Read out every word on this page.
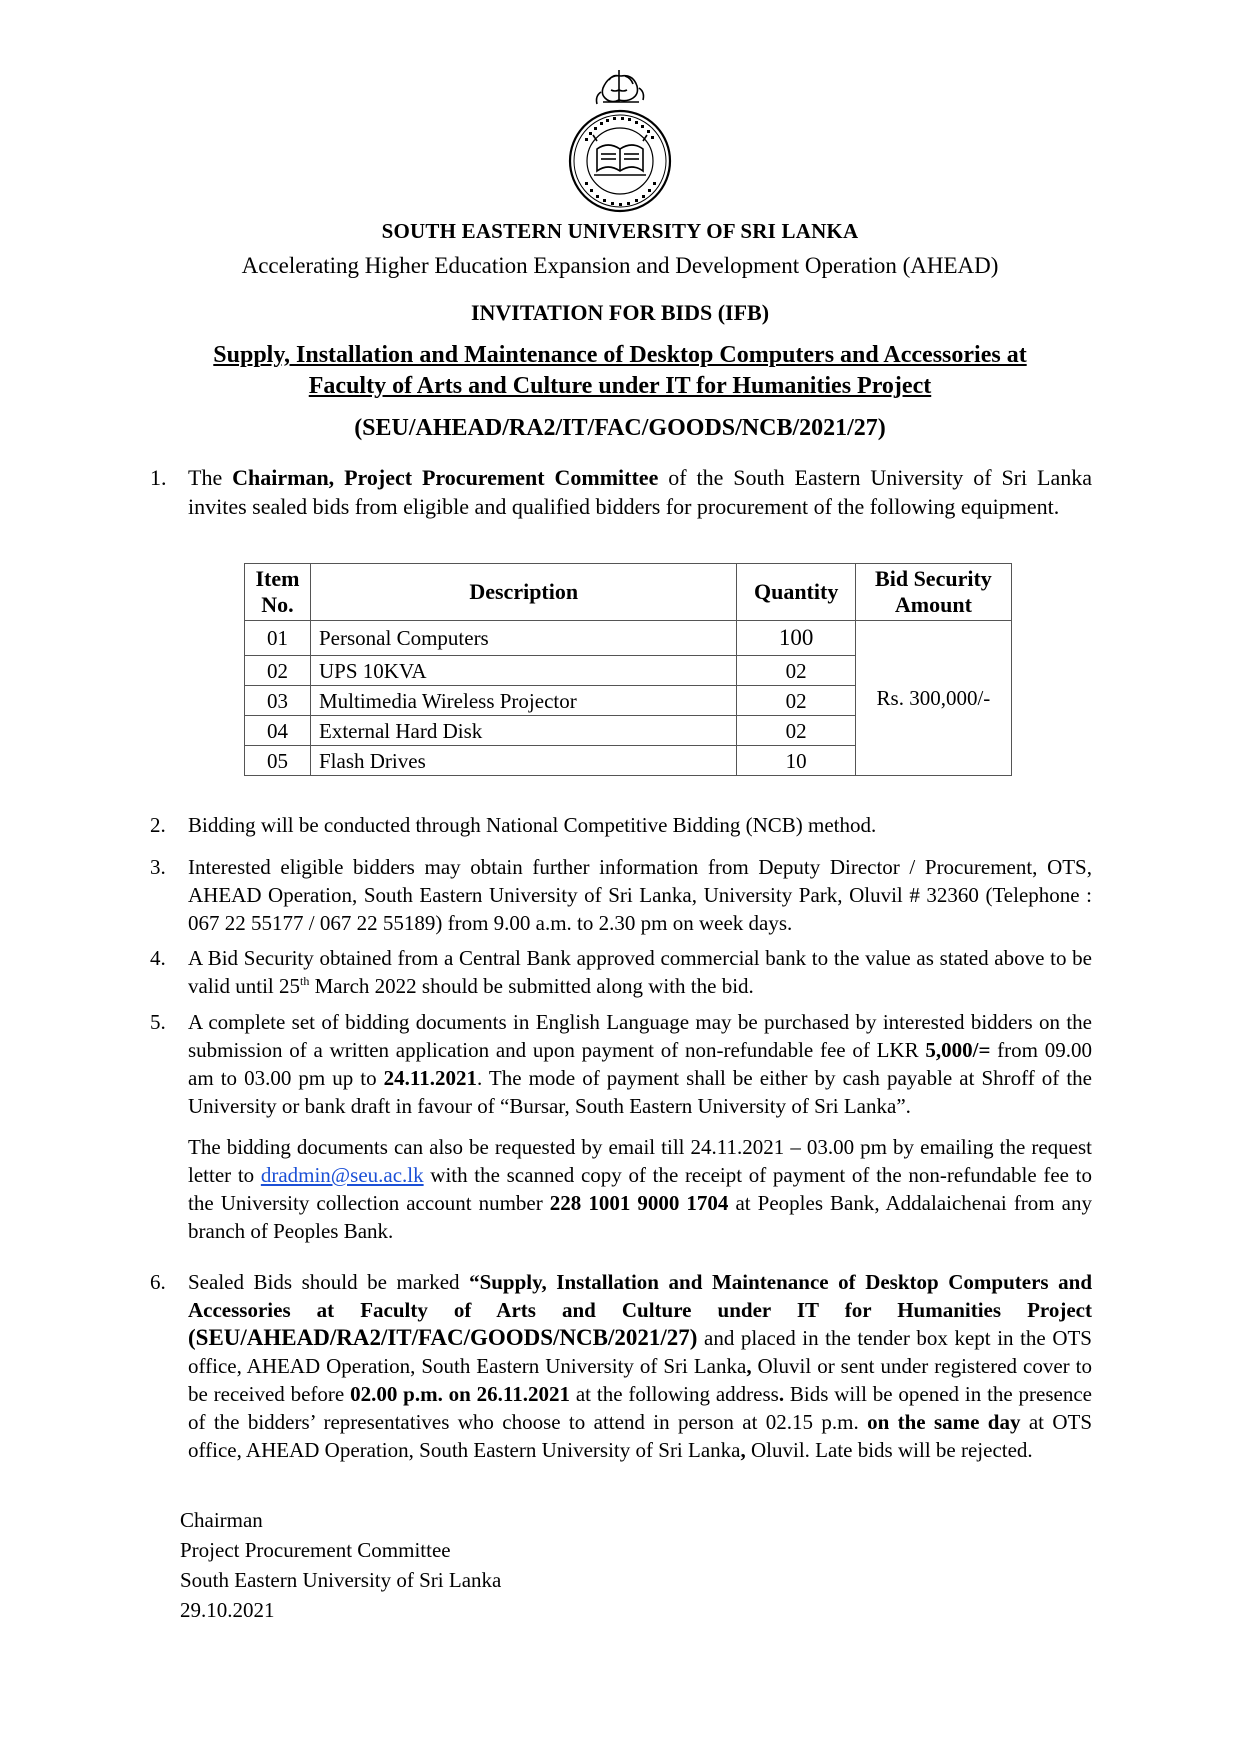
SOUTH EASTERN UNIVERSITY OF SRI LANKA
Accelerating Higher Education Expansion and Development Operation (AHEAD)
INVITATION FOR BIDS (IFB)
Supply, Installation and Maintenance of Desktop Computers and Accessories at
Faculty of Arts and Culture under IT for Humanities Project
(SEU/AHEAD/RA2/IT/FAC/GOODS/NCB/2021/27)
1. The Chairman, Project Procurement Committee of the South Eastern University of Sri Lanka invites sealed bids from eligible and qualified bidders for procurement of the following equipment.
Item No.	Description	Quantity	Bid Security Amount
01	Personal Computers	100	Rs. 300,000/-
02	UPS 10KVA	02	
03	Multimedia Wireless Projector	02	
04	External Hard Disk	02	
05	Flash Drives	10	
2. Bidding will be conducted through National Competitive Bidding (NCB) method.
3. Interested eligible bidders may obtain further information from Deputy Director / Procurement, OTS, AHEAD Operation, South Eastern University of Sri Lanka, University Park, Oluvil # 32360 (Telephone : 067 22 55177 / 067 22 55189) from 9.00 a.m. to 2.30 pm on week days.
4. A Bid Security obtained from a Central Bank approved commercial bank to the value as stated above to be valid until 25th March 2022 should be submitted along with the bid.
5. A complete set of bidding documents in English Language may be purchased by interested bidders on the submission of a written application and upon payment of non-refundable fee of LKR 5,000/= from 09.00 am to 03.00 pm up to 24.11.2021. The mode of payment shall be either by cash payable at Shroff of the University or bank draft in favour of “Bursar, South Eastern University of Sri Lanka”.
The bidding documents can also be requested by email till 24.11.2021 – 03.00 pm by emailing the request letter to dradmin@seu.ac.lk with the scanned copy of the receipt of payment of the non-refundable fee to the University collection account number 228 1001 9000 1704 at Peoples Bank, Addalaichenai from any branch of Peoples Bank.
6. Sealed Bids should be marked “Supply, Installation and Maintenance of Desktop Computers and Accessories at Faculty of Arts and Culture under IT for Humanities Project (SEU/AHEAD/RA2/IT/FAC/GOODS/NCB/2021/27) and placed in the tender box kept in the OTS office, AHEAD Operation, South Eastern University of Sri Lanka, Oluvil or sent under registered cover to be received before 02.00 p.m. on 26.11.2021 at the following address. Bids will be opened in the presence of the bidders’ representatives who choose to attend in person at 02.15 p.m. on the same day at OTS office, AHEAD Operation, South Eastern University of Sri Lanka, Oluvil. Late bids will be rejected.
Chairman
Project Procurement Committee
South Eastern University of Sri Lanka
29.10.2021
